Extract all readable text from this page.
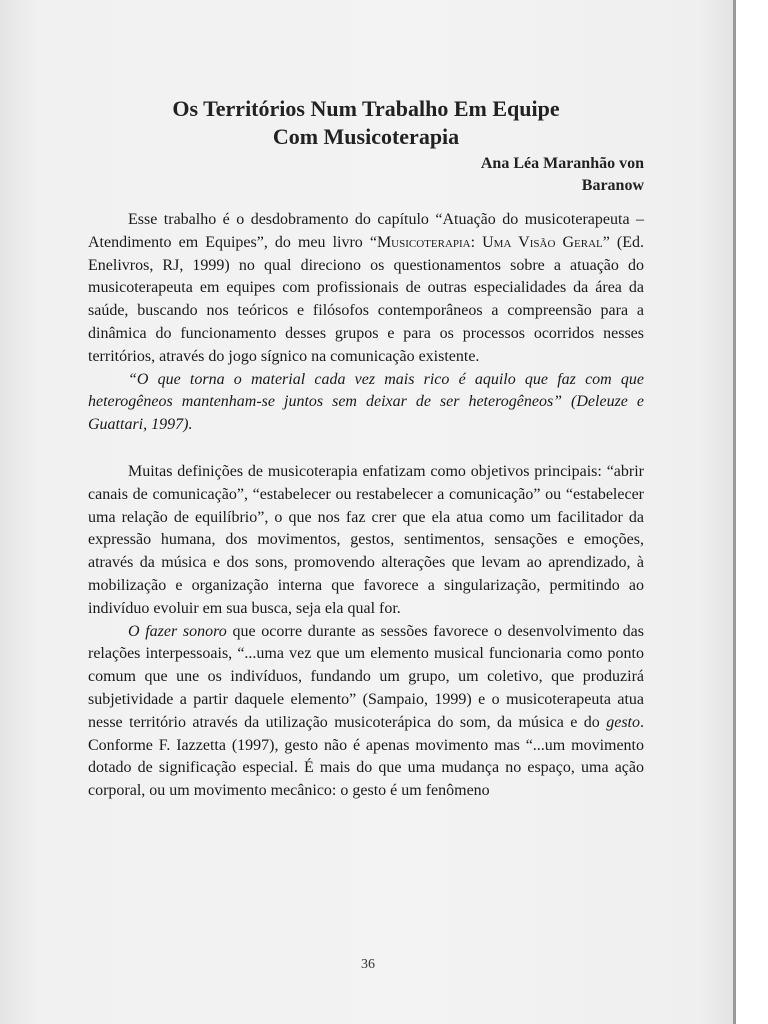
Os Territórios Num Trabalho Em Equipe
Com Musicoterapia
Ana Léa Maranhão von
Baranow

Esse trabalho é o desdobramento do capítulo “Atuação do musicoterapeuta – Atendimento em Equipes”, do meu livro “Musicoterapia: Uma Visão Geral” (Ed. Enelivros, RJ, 1999) no qual direciono os questionamentos sobre a atuação do musicoterapeuta em equipes com profissionais de outras especialidades da área da saúde, buscando nos teóricos e filósofos contemporâneos a compreensão para a dinâmica do funcionamento desses grupos e para os processos ocorridos nesses territórios, através do jogo sígnico na comunicação existente.

“O que torna o material cada vez mais rico é aquilo que faz com que heterogêneos mantenham-se juntos sem deixar de ser heterogêneos” (Deleuze e Guattari, 1997).

Muitas definições de musicoterapia enfatizam como objetivos principais: “abrir canais de comunicação”, “estabelecer ou restabelecer a comunicação” ou “estabelecer uma relação de equilíbrio”, o que nos faz crer que ela atua como um facilitador da expressão humana, dos movimentos, gestos, sentimentos, sensações e emoções, através da música e dos sons, promovendo alterações que levam ao aprendizado, à mobilização e organização interna que favorece a singularização, permitindo ao indivíduo evoluir em sua busca, seja ela qual for.

O fazer sonoro que ocorre durante as sessões favorece o desenvolvimento das relações interpessoais, “...uma vez que um elemento musical funcionaria como ponto comum que une os indivíduos, fundando um grupo, um coletivo, que produzirá subjetividade a partir daquele elemento” (Sampaio, 1999) e o musicoterapeuta atua nesse território através da utilização musicoterápica do som, da música e do gesto. Conforme F. Iazzetta (1997), gesto não é apenas movimento mas “...um movimento dotado de significação especial. É mais do que uma mudança no espaço, uma ação corporal, ou um movimento mecânico: o gesto é um fenômeno

36
